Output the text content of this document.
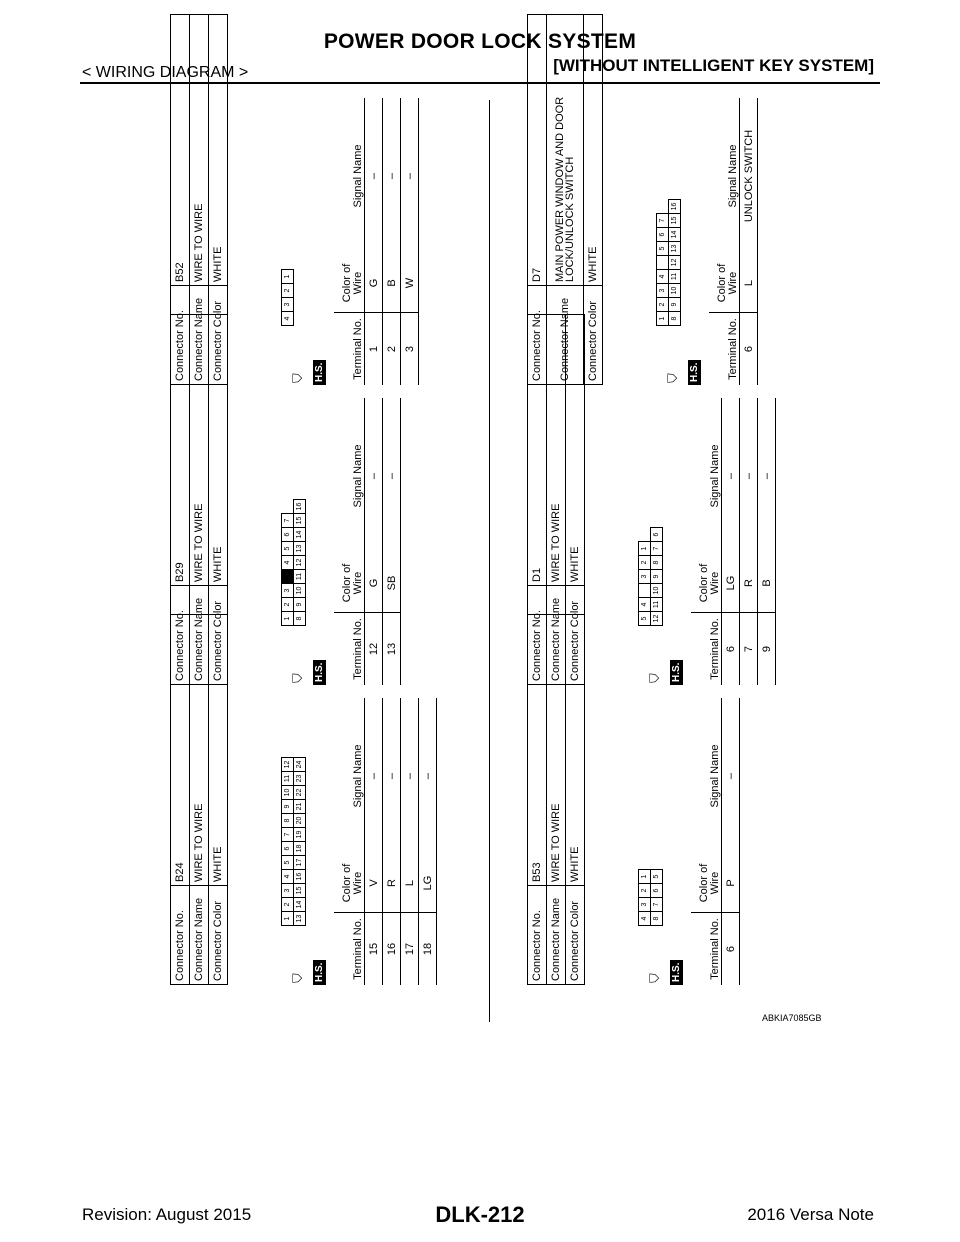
POWER DOOR LOCK SYSTEM
< WIRING DIAGRAM >	[WITHOUT INTELLIGENT KEY SYSTEM]
Connector No.	B24
Connector Name	WIRE TO WIRE
Connector Color	WHITE
⛉ H.S.
1
2
3
4
5
6
7
8
9
10
11
12
13
14
15
16
17
18
19
20
21
22
23
24
Terminal No.	Color of Wire	Signal Name
15	V	–
16	R	–
17	L	–
18	LG	–
Connector No.	B29
Connector Name	WIRE TO WIRE
Connector Color	WHITE
⛉ H.S.
1
2
3
4
5
6
7
8
9
10
11
12
13
14
15
16
Terminal No.	Color of Wire	Signal Name
12	G	–
13	SB	–
Connector No.	B52
Connector Name	WIRE TO WIRE
Connector Color	WHITE
⛉ H.S.
4
3
2
1
Terminal No.	Color of Wire	Signal Name
1	G	–
2	B	–
3	W	–
Connector No.	B53
Connector Name	WIRE TO WIRE
Connector Color	WHITE
⛉ H.S.
4
3
2
1
8
7
6
5
Terminal No.	Color of Wire	Signal Name
6	P	–
Connector No.	D1
Connector Name	WIRE TO WIRE
Connector Color	WHITE
⛉ H.S.
5
4
3
2
1
12
11
10
9
8
7
6
Terminal No.	Color of Wire	Signal Name
6	LG	–
7	R	–
9	B	–
Connector No.	D7
Connector Name	MAIN POWER WINDOW AND DOOR LOCK/UNLOCK SWITCH
Connector Color	WHITE
⛉ H.S.
1
2
3
4
5
6
7
8
9
10
11
12
13
14
15
16
Terminal No.	Color of Wire	Signal Name
6	L	UNLOCK SWITCH
ABKIA7085GB
Revision: August 2015	DLK-212	2016 Versa Note
